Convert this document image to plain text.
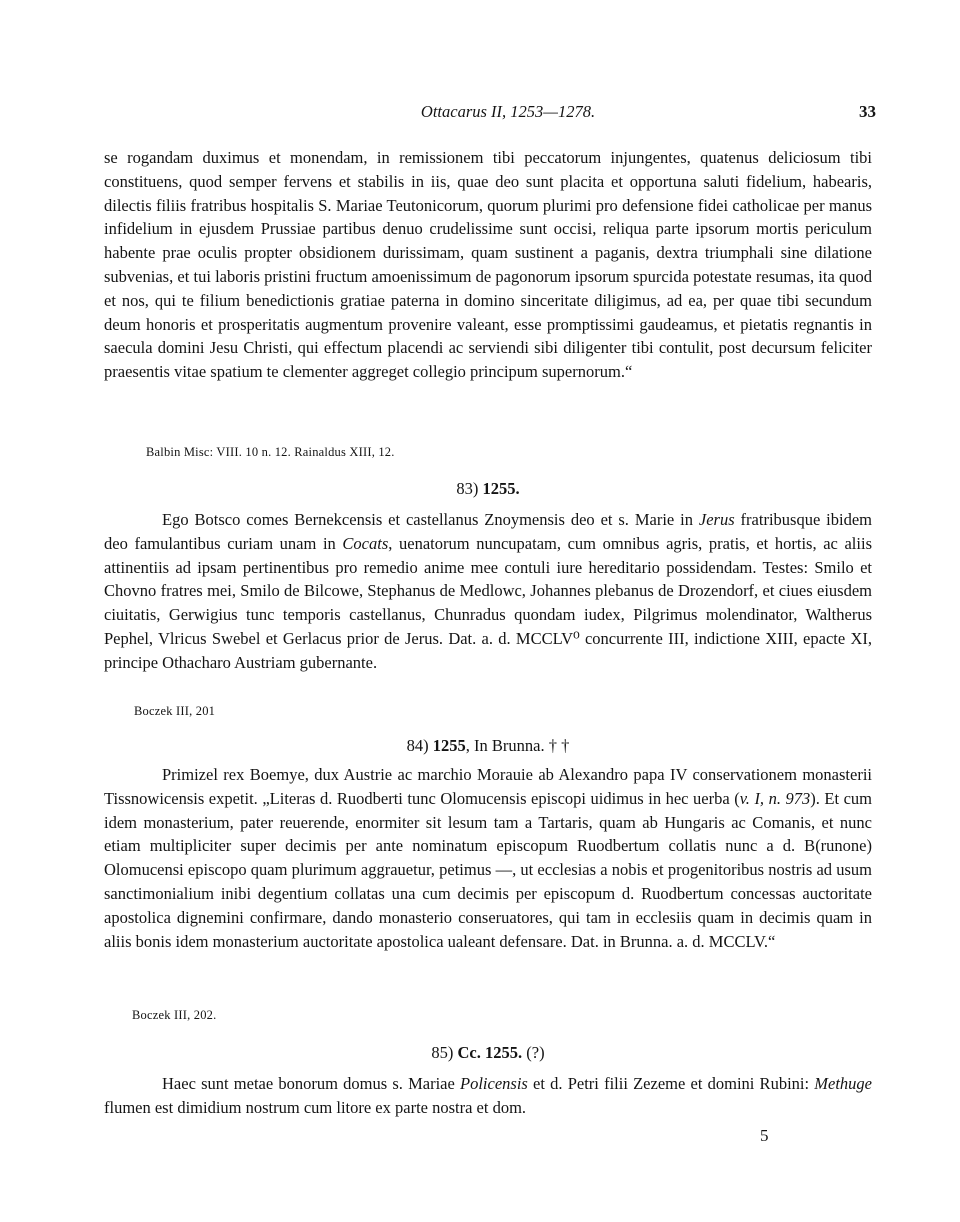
Ottacarus II, 1253—1278.	33

se rogandam duximus et monendam, in remissionem tibi peccatorum injungentes, quatenus deliciosum tibi constituens, quod semper fervens et stabilis in iis, quae deo sunt placita et opportuna saluti fidelium, habearis, dilectis filiis fratribus hospitalis S. Mariae Teutonicorum, quorum plurimi pro defensione fidei catholicae per manus infidelium in ejusdem Prussiae partibus denuo crudelissime sunt occisi, reliqua parte ipsorum mortis periculum habente prae oculis propter obsidionem durissimam, quam sustinent a paganis, dextra triumphali sine dilatione subvenias, et tui laboris pristini fructum amoenissimum de pagonorum ipsorum spurcida potestate resumas, ita quod et nos, qui te filium benedictionis gratiae paterna in domino sinceritate diligimus, ad ea, per quae tibi secundum deum honoris et prosperitatis augmentum provenire valeant, esse promptissimi gaudeamus, et pietatis regnantis in saecula domini Jesu Christi, qui effectum placendi ac serviendi sibi diligenter tibi contulit, post decursum feliciter praesentis vitae spatium te clementer aggreget collegio principum supernorum.“

Balbin Misc: VIII. 10 n. 12. Rainaldus XIII, 12.
83) 1255.

Ego Botsco comes Bernekcensis et castellanus Znoymensis deo et s. Marie in Jerus fratribusque ibidem deo famulantibus curiam unam in Cocats, uenatorum nuncupatam, cum omnibus agris, pratis, et hortis, ac aliis attinentiis ad ipsam pertinentibus pro remedio anime mee contuli iure hereditario possidendam. Testes: Smilo et Chovno fratres mei, Smilo de Bilcowe, Stephanus de Medlowc, Johannes plebanus de Drozendorf, et ciues eiusdem ciuitatis, Gerwigius tunc temporis castellanus, Chunradus quondam iudex, Pilgrimus molendinator, Waltherus Pephel, Vlricus Swebel et Gerlacus prior de Jerus. Dat. a. d. MCCLV⁰ concurrente III, indictione XIII, epacte XI, principe Othacharo Austriam gubernante.

Boczek III, 201
84) 1255, In Brunna. † †

Primizel rex Boemye, dux Austrie ac marchio Morauie ab Alexandro papa IV conservationem monasterii Tissnowicensis expetit. „Literas d. Ruodberti tunc Olomucensis episcopi uidimus in hec uerba (v. I, n. 973). Et cum idem monasterium, pater reuerende, enormiter sit lesum tam a Tartaris, quam ab Hungaris ac Comanis, et nunc etiam multipliciter super decimis per ante nominatum episcopum Ruodbertum collatis nunc a d. B(runone) Olomucensi episcopo quam plurimum aggrauetur, petimus —, ut ecclesias a nobis et progenitoribus nostris ad usum sanctimonialium inibi degentium collatas una cum decimis per episcopum d. Ruodbertum concessas auctoritate apostolica dignemini confirmare, dando monasterio conseruatores, qui tam in ecclesiis quam in decimis quam in aliis bonis idem monasterium auctoritate apostolica ualeant defensare. Dat. in Brunna. a. d. MCCLV.“

Boczek III, 202.
85) Cc. 1255. (?)

Haec sunt metae bonorum domus s. Mariae Policensis et d. Petri filii Zezeme et domini Rubini: Methuge flumen est dimidium nostrum cum litore ex parte nostra et dom.

5
